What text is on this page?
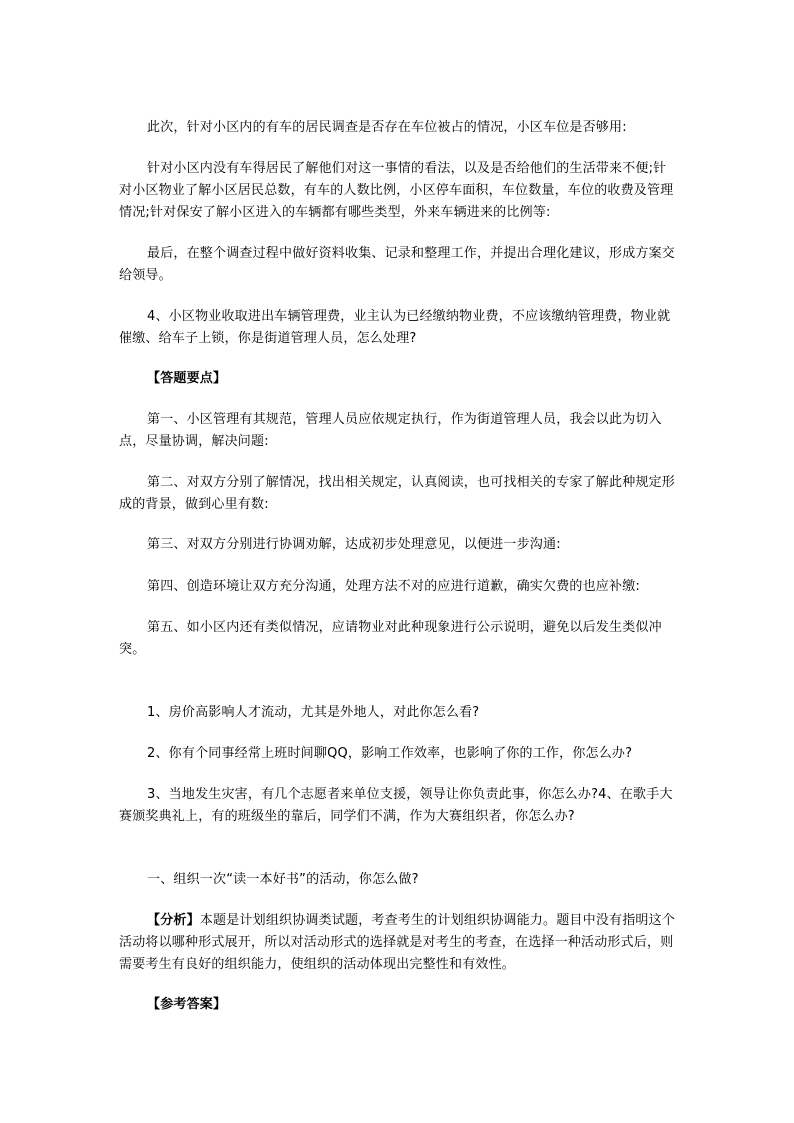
此次，针对小区内的有车的居民调查是否存在车位被占的情况，小区车位是否够用:

针对小区内没有车得居民了解他们对这一事情的看法，以及是否给他们的生活带来不便;针对小区物业了解小区居民总数，有车的人数比例，小区停车面积，车位数量，车位的收费及管理情况;针对保安了解小区进入的车辆都有哪些类型，外来车辆进来的比例等:

最后，在整个调查过程中做好资料收集、记录和整理工作，并提出合理化建议，形成方案交给领导。

4、小区物业收取进出车辆管理费，业主认为已经缴纳物业费，不应该缴纳管理费，物业就催缴、给车子上锁，你是街道管理人员，怎么处理?

【答题要点】

第一、小区管理有其规范，管理人员应依规定执行，作为街道管理人员，我会以此为切入点，尽量协调，解决问题:

第二、对双方分别了解情况，找出相关规定，认真阅读，也可找相关的专家了解此种规定形成的背景，做到心里有数:

第三、对双方分别进行协调劝解，达成初步处理意见，以便进一步沟通:

第四、创造环境让双方充分沟通，处理方法不对的应进行道歉，确实欠费的也应补缴:

第五、如小区内还有类似情况，应请物业对此种现象进行公示说明，避免以后发生类似冲突。

1、房价高影响人才流动，尤其是外地人，对此你怎么看?

2、你有个同事经常上班时间聊QQ，影响工作效率，也影响了你的工作，你怎么办?

3、当地发生灾害，有几个志愿者来单位支援，领导让你负责此事，你怎么办?4、在歌手大赛颁奖典礼上，有的班级坐的靠后，同学们不满，作为大赛组织者，你怎么办?

一、组织一次“读一本好书”的活动，你怎么做?

【分析】本题是计划组织协调类试题，考查考生的计划组织协调能力。题目中没有指明这个活动将以哪种形式展开，所以对活动形式的选择就是对考生的考查，在选择一种活动形式后，则需要考生有良好的组织能力，使组织的活动体现出完整性和有效性。

【参考答案】
